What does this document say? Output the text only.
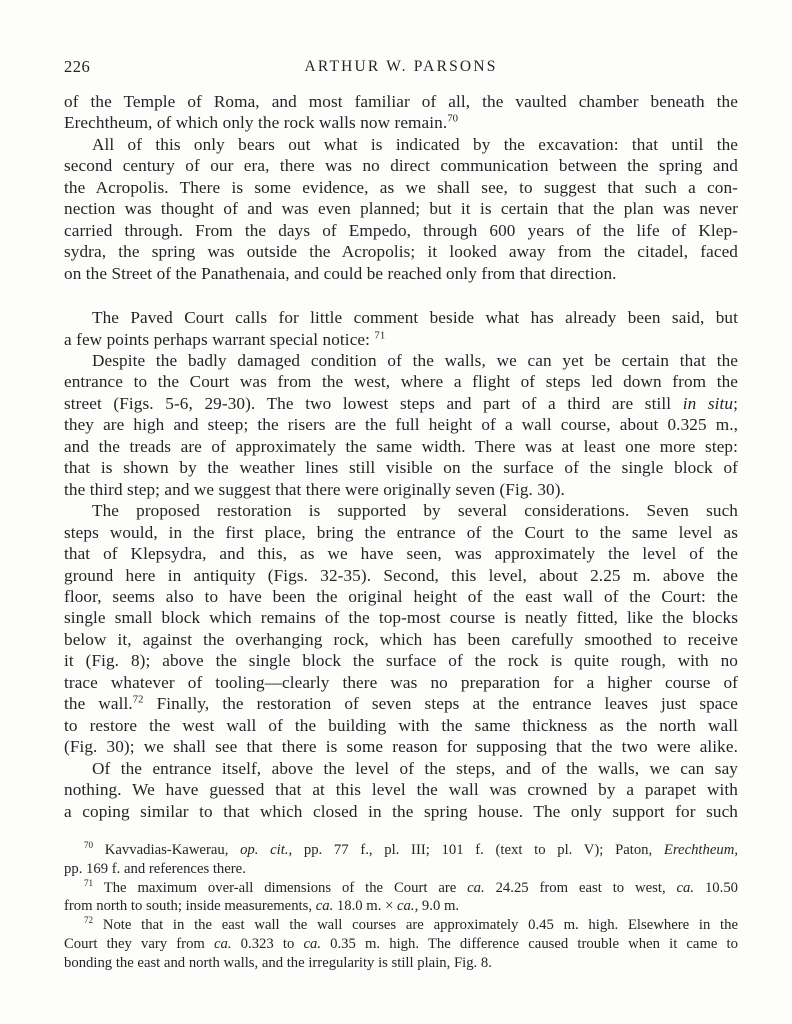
226	ARTHUR W. PARSONS
of the Temple of Roma, and most familiar of all, the vaulted chamber beneath the
Erechtheum, of which only the rock walls now remain.$^{70}$
All of this only bears out what is indicated by the excavation: that until the
second century of our era, there was no direct communication between the spring and
the Acropolis. There is some evidence, as we shall see, to suggest that such a con-
nection was thought of and was even planned; but it is certain that the plan was never
carried through. From the days of Empedo, through 600 years of the life of Klep-
sydra, the spring was outside the Acropolis; it looked away from the citadel, faced
on the Street of the Panathenaia, and could be reached only from that direction.
The Paved Court calls for little comment beside what has already been said, but
a few points perhaps warrant special notice: $^{71}$
Despite the badly damaged condition of the walls, we can yet be certain that the
entrance to the Court was from the west, where a flight of steps led down from the
street (Figs. 5-6, 29-30). The two lowest steps and part of a third are still in situ;
they are high and steep; the risers are the full height of a wall course, about 0.325 m.,
and the treads are of approximately the same width. There was at least one more step:
that is shown by the weather lines still visible on the surface of the single block of
the third step; and we suggest that there were originally seven (Fig. 30).
The proposed restoration is supported by several considerations. Seven such
steps would, in the first place, bring the entrance of the Court to the same level as
that of Klepsydra, and this, as we have seen, was approximately the level of the
ground here in antiquity (Figs. 32-35). Second, this level, about 2.25 m. above the
floor, seems also to have been the original height of the east wall of the Court: the
single small block which remains of the top-most course is neatly fitted, like the blocks
below it, against the overhanging rock, which has been carefully smoothed to receive
it (Fig. 8); above the single block the surface of the rock is quite rough, with no
trace whatever of tooling—clearly there was no preparation for a higher course of
the wall.$^{72}$ Finally, the restoration of seven steps at the entrance leaves just space
to restore the west wall of the building with the same thickness as the north wall
(Fig. 30); we shall see that there is some reason for supposing that the two were alike.
Of the entrance itself, above the level of the steps, and of the walls, we can say
nothing. We have guessed that at this level the wall was crowned by a parapet with
a coping similar to that which closed in the spring house. The only support for such
$^{70}$ Kavvadias-Kawerau, op. cit., pp. 77 f., pl. III; 101 f. (text to pl. V); Paton, Erechtheum,
pp. 169 f. and references there.
$^{71}$ The maximum over-all dimensions of the Court are ca. 24.25 from east to west, ca. 10.50
from north to south; inside measurements, ca. 18.0 m. × ca., 9.0 m.
$^{72}$ Note that in the east wall the wall courses are approximately 0.45 m. high. Elsewhere in the
Court they vary from ca. 0.323 to ca. 0.35 m. high. The difference caused trouble when it came to
bonding the east and north walls, and the irregularity is still plain, Fig. 8.
